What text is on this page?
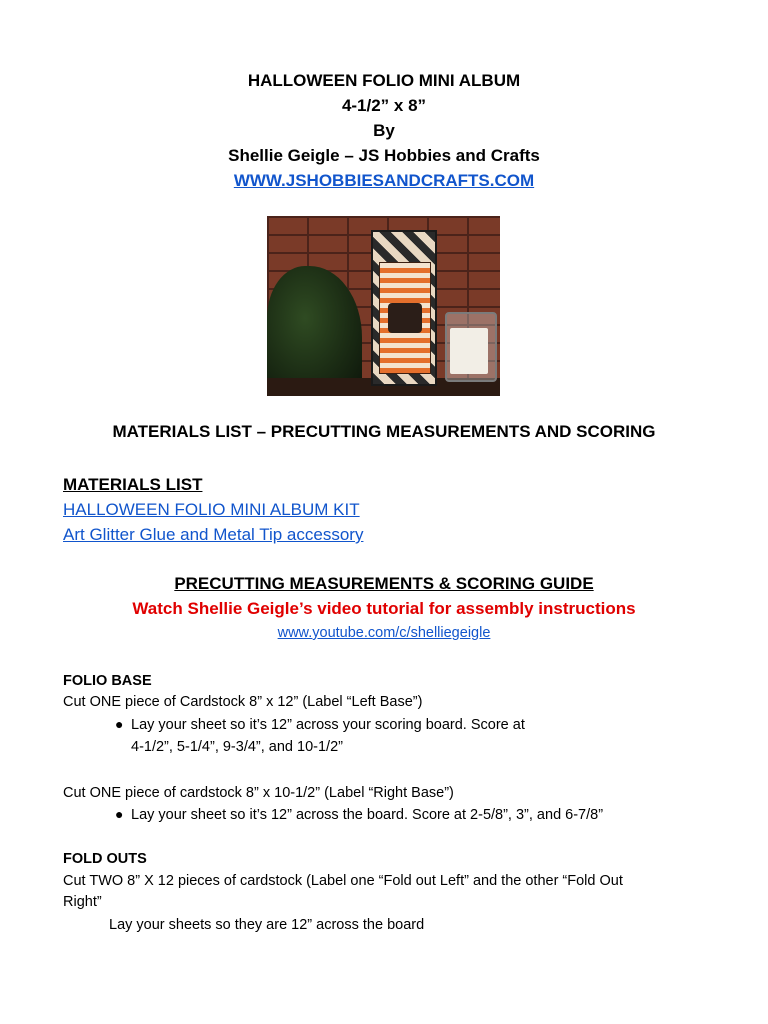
HALLOWEEN FOLIO MINI ALBUM

4-1/2” x 8”

By

Shellie Geigle – JS Hobbies and Crafts

WWW.JSHOBBIESANDCRAFTS.COM

MATERIALS LIST – PRECUTTING MEASUREMENTS AND SCORING
MATERIALS LIST
HALLOWEEN FOLIO MINI ALBUM KIT
Art Glitter Glue and Metal Tip accessory
PRECUTTING MEASUREMENTS & SCORING GUIDE
Watch Shellie Geigle’s video tutorial for assembly instructions
www.youtube.com/c/shelliegeigle
FOLIO BASE
Cut ONE piece of Cardstock 8” x 12” (Label “Left Base”)
● Lay your sheet so it’s 12” across your scoring board. Score at
4-1/2”, 5-1/4”, 9-3/4”, and 10-1/2”
Cut ONE piece of cardstock 8” x 10-1/2” (Label “Right Base”)
● Lay your sheet so it’s 12” across the board. Score at 2-5/8”, 3”, and 6-7/8”
FOLD OUTS
Cut TWO 8” X 12 pieces of cardstock (Label one “Fold out Left” and the other “Fold Out
Right”
Lay your sheets so they are 12” across the board
